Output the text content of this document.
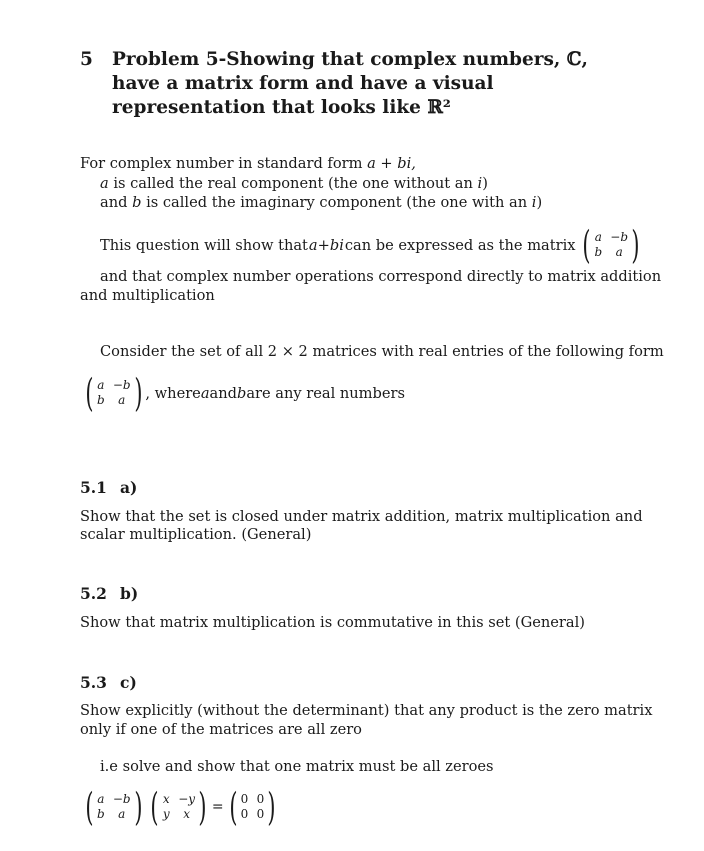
5 Problem 5-Showing that complex numbers, ℂ, have a matrix form and have a visual representation that looks like ℝ²
For complex number in standard form a + bi,
a is called the real component (the one without an i)
and b is called the imaginary component (the one with an i)
This question will show that a+bi can be expressed as the matrix ( a −b
b	a )
and that complex number operations correspond directly to matrix addition
and multiplication
Consider the set of all 2 × 2 matrices with real entries of the following form
( a −b
b	a ) , where a and b are any real numbers
5.1 a)
Show that the set is closed under matrix addition, matrix multiplication and
scalar multiplication. (General)
5.2 b)
Show that matrix multiplication is commutative in this set (General)
5.3 c)
Show explicitly (without the determinant) that any product is the zero matrix
only if one of the matrices are all zero
i.e solve and show that one matrix must be all zeroes
( a −b
b	a ) ( x −y
y	x ) = ( 0 0
0 0 )
